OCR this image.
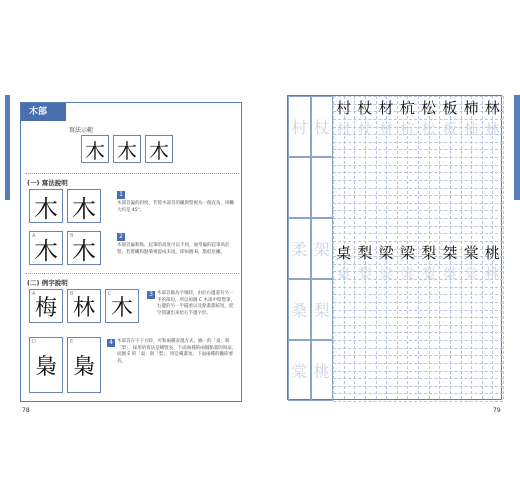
木部
寫法示範
木 木 木
(一) 寫法說明
木 木	1
木部首偏的斜度，若將木部首的撇與豎視為一個直角，則撇大約是 45°。
A
木
B
木	2
木部首偏和點，起筆的高度可以不同，通常偏的起筆高於豎，若將撇和點筆視提成未尾，即如圖 B，點低於撇。
(二) 例字說明
A
梅
B
林
C
木
3 木部首做為字根時，由於右邊還有另一半的部份，所以如圖 C 木部中間豎筆，右邊的另一半擺重以及點畫都較短，把空間讓出來給右半邊字形。
D
梟
E
梟
4 木部首在字下方時，可和兩種表現方式，圖一的「桌」與「梨」，採用的寫法是橫豎長，下面兩種的兩個點畫的寫法，而圖 E 的「桌」與「梨」，則是橫畫短，下面兩種的撇捺要長。
78
村 杖
柔 架
桑 梨
棠 桃
村 杖 材 杭 松 板 柿 林
村 杖 材 杭 松 板 柿 林
桌 梨 梁 梁 梨 桀 棠 桃
桌 梨 梁 梁 梨 桀 棠 桃
79
